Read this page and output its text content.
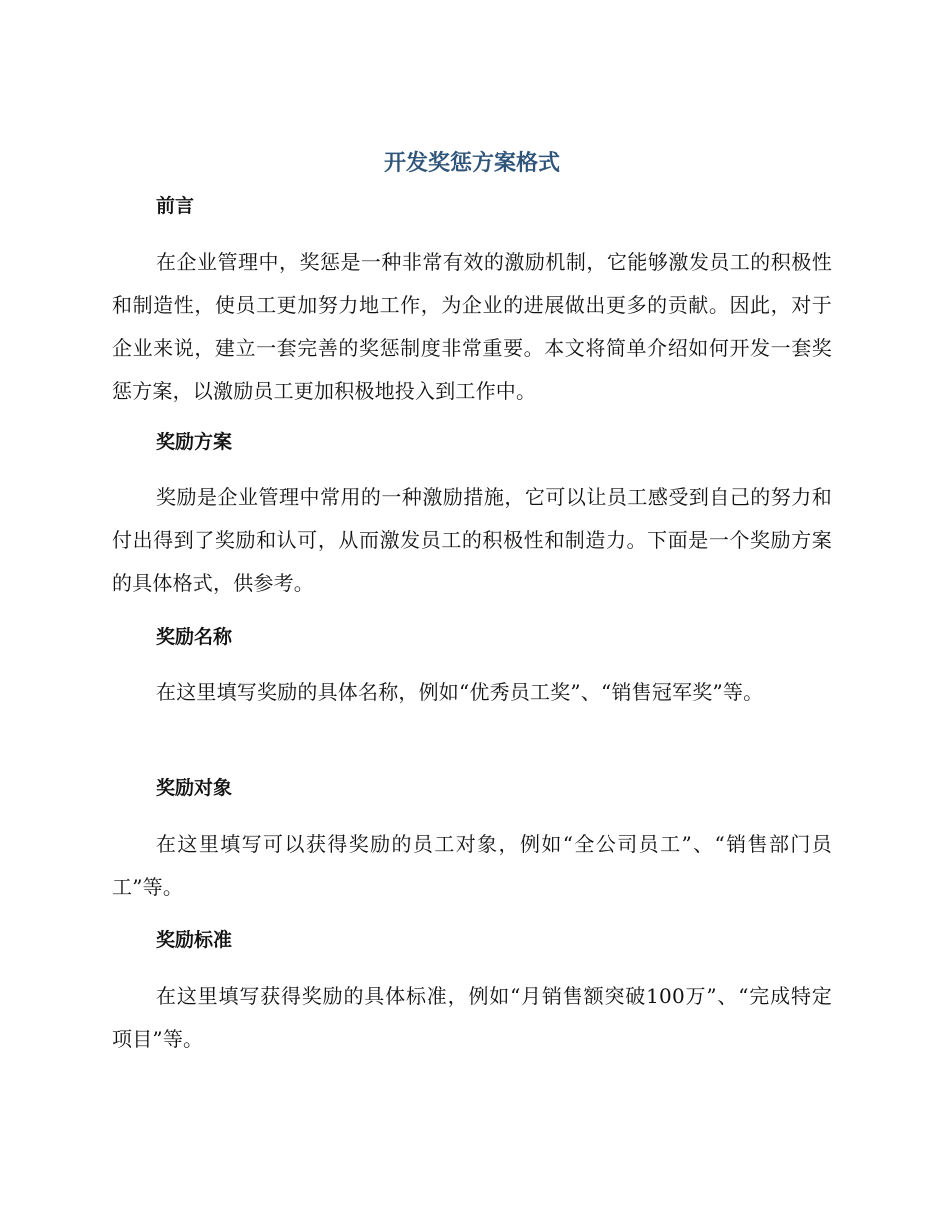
开发奖惩方案格式
前言

在企业管理中，奖惩是一种非常有效的激励机制，它能够激发员工的积极性和制造性，使员工更加努力地工作，为企业的进展做出更多的贡献。因此，对于企业来说，建立一套完善的奖惩制度非常重要。本文将简单介绍如何开发一套奖惩方案，以激励员工更加积极地投入到工作中。

奖励方案

奖励是企业管理中常用的一种激励措施，它可以让员工感受到自己的努力和付出得到了奖励和认可，从而激发员工的积极性和制造力。下面是一个奖励方案的具体格式，供参考。

奖励名称

在这里填写奖励的具体名称，例如“优秀员工奖”、“销售冠军奖”等。

奖励对象

在这里填写可以获得奖励的员工对象，例如“全公司员工”、“销售部门员工”等。

奖励标准

在这里填写获得奖励的具体标准，例如“月销售额突破100万”、“完成特定项目”等。
